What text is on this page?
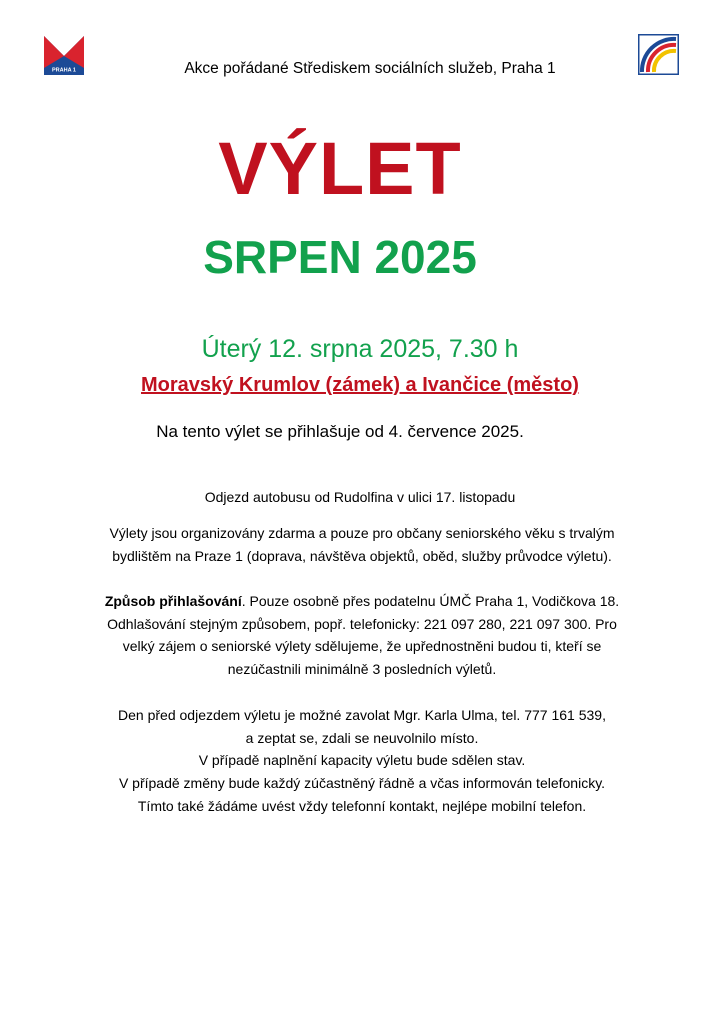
PRAHA 1	Akce pořádané Střediskem sociálních služeb, Praha 1
VÝLET
SRPEN 2025
Úterý 12. srpna 2025, 7.30 h
Moravský Krumlov (zámek) a Ivančice (město)
Na tento výlet se přihlašuje od 4. července 2025.
Odjezd autobusu od Rudolfina v ulici 17. listopadu

Výlety jsou organizovány zdarma a pouze pro občany seniorského věku s trvalým

bydlištěm na Praze 1 (doprava, návštěva objektů, oběd, služby průvodce výletu).

Způsob přihlašování. Pouze osobně přes podatelnu ÚMČ Praha 1, Vodičkova 18.

Odhlašování stejným způsobem, popř. telefonicky: 221 097 280, 221 097 300. Pro

velký zájem o seniorské výlety sdělujeme, že upřednostněni budou ti, kteří se

nezúčastnili minimálně 3 posledních výletů.

Den před odjezdem výletu je možné zavolat Mgr. Karla Ulma, tel. 777 161 539,

a zeptat se, zdali se neuvolnilo místo.

V případě naplnění kapacity výletu bude sdělen stav.

V případě změny bude každý zúčastněný řádně a včas informován telefonicky.

Tímto také žádáme uvést vždy telefonní kontakt, nejlépe mobilní telefon.
